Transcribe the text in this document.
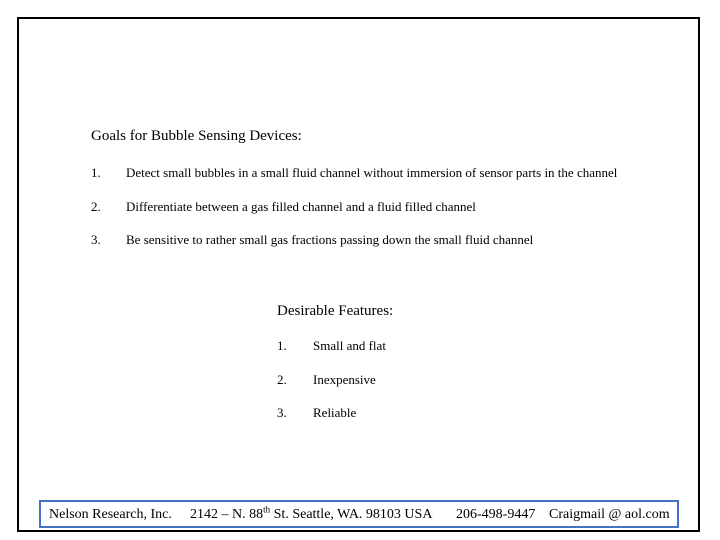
Goals for Bubble Sensing Devices:
1. Detect small bubbles in a small fluid channel without immersion of sensor parts in the channel
2. Differentiate between a gas filled channel and a fluid filled channel
3. Be sensitive to rather small gas fractions passing down the small fluid channel
Desirable Features:
1. Small and flat
2. Inexpensive
3. Reliable
Nelson Research, Inc. 2142 – N. 88th St. Seattle, WA. 98103 USA 206-498-9447 Craigmail @ aol.com
